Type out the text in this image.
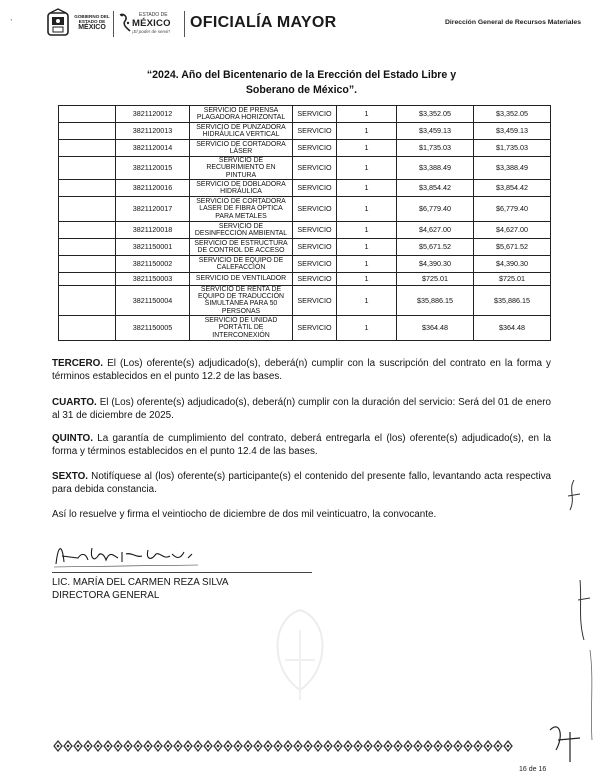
ˋ
GOBIERNO DEL
ESTADO DE
MÉXICO
ESTADO DE
MÉXICO
¡El poder de servir!
OFICIALÍA MAYOR	Dirección General de Recursos Materiales
“2024. Año del Bicentenario de la Erección del Estado Libre y
Soberano de México”.
	3821120012	SERVICIO DE PRENSA PLAGADORA HORIZONTAL	SERVICIO	1	$3,352.05	$3,352.05
	3821120013	SERVICIO DE PUNZADORA HIDRÁULICA VERTICAL	SERVICIO	1	$3,459.13	$3,459.13
	3821120014	SERVICIO DE CORTADORA LÁSER	SERVICIO	1	$1,735.03	$1,735.03
	3821120015	SERVICIO DE RECUBRIMIENTO EN PINTURA	SERVICIO	1	$3,388.49	$3,388.49
	3821120016	SERVICIO DE DOBLADORA HIDRÁULICA	SERVICIO	1	$3,854.42	$3,854.42
	3821120017	SERVICIO DE CORTADORA LASER DE FIBRA ÓPTICA PARA METALES	SERVICIO	1	$6,779.40	$6,779.40
	3821120018	SERVICIO DE DESINFECCIÓN AMBIENTAL	SERVICIO	1	$4,627.00	$4,627.00
	3821150001	SERVICIO DE ESTRUCTURA DE CONTROL DE ACCESO	SERVICIO	1	$5,671.52	$5,671.52
	3821150002	SERVICIO DE EQUIPO DE CALEFACCIÓN	SERVICIO	1	$4,390.30	$4,390.30
	3821150003	SERVICIO DE VENTILADOR	SERVICIO	1	$725.01	$725.01
	3821150004	SERVICIO DE RENTA DE EQUIPO DE TRADUCCIÓN SIMULTÁNEA PARA 50 PERSONAS	SERVICIO	1	$35,886.15	$35,886.15
	3821150005	SERVICIO DE UNIDAD PORTÁTIL DE INTERCONEXIÓN	SERVICIO	1	$364.48	$364.48
TERCERO. El (Los) oferente(s) adjudicado(s), deberá(n) cumplir con la suscripción del contrato en la forma y términos establecidos en el punto 12.2 de las bases.
CUARTO. El (Los) oferente(s) adjudicado(s), deberá(n) cumplir con la duración del servicio: Será del 01 de enero al 31 de diciembre de 2025.
QUINTO. La garantía de cumplimiento del contrato, deberá entregarla el (los) oferente(s) adjudicado(s), en la forma y términos establecidos en el punto 12.4 de las bases.
SEXTO. Notifíquese al (los) oferente(s) participante(s) el contenido del presente fallo, levantando acta respectiva para debida constancia.
Así lo resuelve y firma el veintiocho de diciembre de dos mil veinticuatro, la convocante.
LIC. MARÍA DEL CARMEN REZA SILVA
DIRECTORA GENERAL
16 de 16
